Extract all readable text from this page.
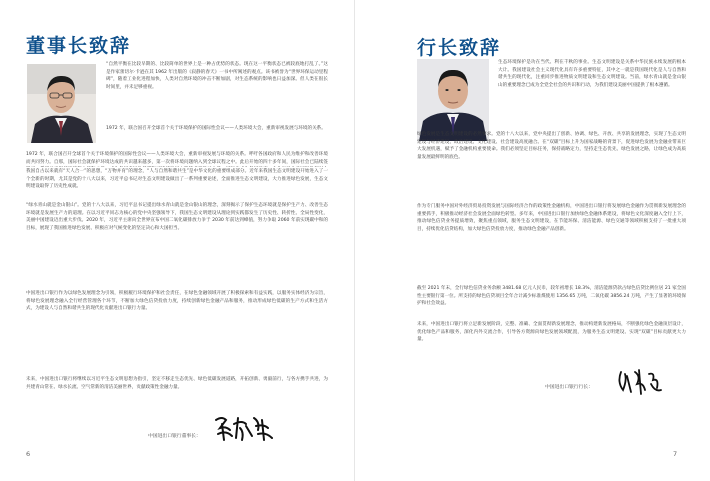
董事长致辞
“自然平衡在比较早期的、比较简单的世界上是一种占优势的状态。现在这一平衡状态已被较底地打乱了。”这是作家蕾切尔·卡逊在其 1962 年出版的《寂静的春天》一书中所阐述的观点。该书被誉为“世界环保运动里程碑”，随着工业化进程加快，人类对自然环境的冲击不断加剧，对生态系统的影响也日益加深。但人类在很长时间里，并未足够重视。
1972 年，联合国召开全球首个关于环境保护的国际性会议——人类环境大会，重新审视发展与环境的关系。
1972 年，联合国召开全球首个关于环境保护的国际性会议——人类环境大会，重新审视发展与环境的关系。呼吁各国政府和人民为维护和改善环境而共同努力。自那，国际社会就保护环境达成的共识越来越多，第一次将环境问题纳入到全球议程之中。此后开始的四十多年间，国际社会已陆续签
我国自古以来就有“天人合一”的思想，“万物并育”的理念，“人与自然和谐共生”是中华文化的重要组成部分。近年来我国生态文明建设开始进入了一个全新的时期，尤其是党的十八大以来，习近平总书记对生态文明建设做出了一系列重要论述，全面推进生态文明建设，大力推进绿色发展，生态文明建设取得了历史性成就。
“绿水青山就是金山银山”。党的十八大以来，习近平总书记提出绿水青山就是金山银山的理念，深刻揭示了保护生态环境就是保护生产力、改善生态环境就是发展生产力的道理。在以习近平同志为核心的党中央坚强领导下，我国生态文明建设从理论到实践都发生了历史性、转折性、全局性变化，美丽中国建设迈出重大步伐。2020 年，习近平主席向全世界宣布中国二氧化碳排放力争于 2030 年前达到峰值，努力争取 2060 年前实现碳中和的目标，展现了我国推进绿色发展、积极应对气候变化的坚定决心和大国担当。
中国进出口银行作为以绿色发展理念为引领，积极履行环境保护和社会责任，在绿色金融领域开展了积极探索和有益实践，以服务实体经济为宗旨，将绿色发展理念融入全行经营管理各个环节，不断加大绿色信贷投放力度，持续创新绿色金融产品和服务，推动形成绿色低碳的生产方式和生活方式，为建设人与自然和谐共生的现代化贡献进出口银行力量。
未来，中国进出口银行将继续以习近平生态文明思想为指引，坚定不移走生态优先、绿色低碳发展道路，开拓创新、勇毅前行，与各方携手共进，为共建青山常在、绿水长流、空气常新的清洁美丽世界，贡献政策性金融力量。
中国进出口银行董事长：
6
行长致辞
生态环境保护是功在当代、利在千秋的事业。生态文明建设是关系中华民族永续发展的根本大计。我国建设社会主义现代化具有许多重要特征，其中之一就是我国现代化是人与自然和谐共生的现代化，注重同步推进物质文明建设和生态文明建设。当前，绿水青山就是金山银山的重要理念已成为全党全社会的共识和行动，为我们建设美丽中国提供了根本遵循。
绿色发展是生态文明建设的必然要求。党的十八大以来，党中央提出了创新、协调、绿色、开放、共享的发展理念，实现了生态文明建设与经济建设、政治建设、文化建设、社会建设高度融合。在“双碳”目标上升为国家战略的背景下，促进绿色发展为金融业带来巨大发展机遇，赋予了金融机构重要使命。我们必须坚定目标任务，保持战略定力，坚持走生态优先、绿色发展之路，让绿色成为高质量发展最鲜明的底色。
作为专门服务中国对外经济贸易投资发展与国际经济合作的政策性金融机构，中国进出口银行将发展绿色金融作为贯彻新发展理念的重要抓手，积极推动经济社会发展全面绿色转型。多年来，中国进出口银行加快绿色金融体系建设，将绿色文化深度融入全行上下，推动绿色信贷业务提质增效，聚焦重点领域，服务生态文明建设，在节能环保、清洁能源、绿色交通等领域积极支持了一批重大项目，持续优化信贷结构，加大绿色信贷投放力度，推动绿色金融产品创新。
截至 2021 年末，全行绿色信贷业务余额 3481.68 亿元人民币，较年初增长 18.3%，清洁能源贷款占绿色信贷比例位居 21 家全国性主要银行第一位。所支持的绿色信贷项目全年合计减少标准煤使用 1356.65 万吨，二氧化碳 3856.24 万吨，产生了显著的环境保护和社会效益。
未来，中国进出口银行将立足新发展阶段，完整、准确、全面贯彻新发展理念，推动构建新发展格局，不断强化绿色金融顶层设计，优化绿色产品和服务，深化内外交流合作，引导各方资源向绿色发展领域配置，为服务生态文明建设、实现“双碳”目标贡献更大力量。
中国进出口银行行长：
7
